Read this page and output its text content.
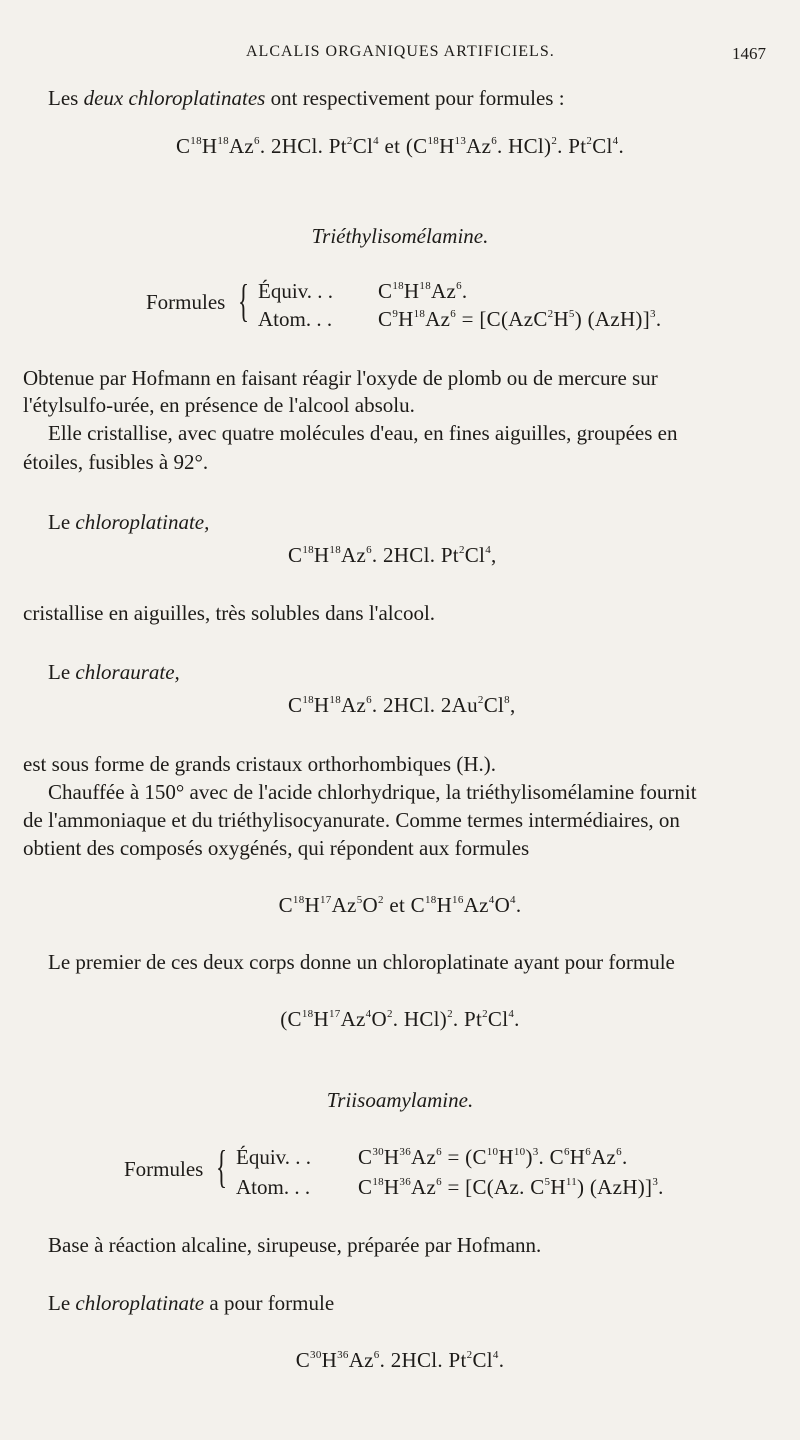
ALCALIS ORGANIQUES ARTIFICIELS.	1467
Les deux chloroplatinates ont respectivement pour formules :
$C^{18}H^{18}Az^6$. 2HCl. Pt$^2$Cl$^4$ et ($C^{18}H^{13}Az^6$. HCl)$^2$. Pt$^2$Cl$^4$.
Triéthylisomélamine.
Formules { Équiv. . . $C^{18}H^{18}Az^6$.
Atom. . . $C^9H^{18}Az^6 = [C(AzC^2H^5)$ (AzH)]$^3$.
Obtenue par Hofmann en faisant réagir l'oxyde de plomb ou de mercure sur
l'étylsulfo-urée, en présence de l'alcool absolu.
Elle cristallise, avec quatre molécules d'eau, en fines aiguilles, groupées en
étoiles, fusibles à 92°.
Le chloroplatinate,
$C^{18}H^{18}Az^6$. 2HCl. Pt$^2$Cl$^4$,
cristallise en aiguilles, très solubles dans l'alcool.
Le chloraurate,
$C^{18}H^{18}Az^6$. 2HCl. 2Au$^2$Cl$^8$,
est sous forme de grands cristaux orthorhombiques (H.).
Chauffée à 150° avec de l'acide chlorhydrique, la triéthylisomélamine fournit
de l'ammoniaque et du triéthylisocyanurate. Comme termes intermédiaires, on
obtient des composés oxygénés, qui répondent aux formules
$C^{18}H^{17}Az^5O^2$ et $C^{18}H^{16}Az^4O^4$.
Le premier de ces deux corps donne un chloroplatinate ayant pour formule
($C^{18}H^{17}Az^4O^2$. HCl)$^2$. Pt$^2$Cl$^4$.
Triisoamylamine.
Formules { Équiv. . . $C^{30}H^{36}Az^6 = (C^{10}H^{10})^3$. $C^6H^6Az^6$.
Atom. . . $C^{18}H^{36}Az^6 = [C(Az$. $C^5H^{11}$) (AzH)]$^3$.
Base à réaction alcaline, sirupeuse, préparée par Hofmann.
Le chloroplatinate a pour formule
$C^{30}H^{36}Az^6$. 2HCl. Pt$^2$Cl$^4$.
